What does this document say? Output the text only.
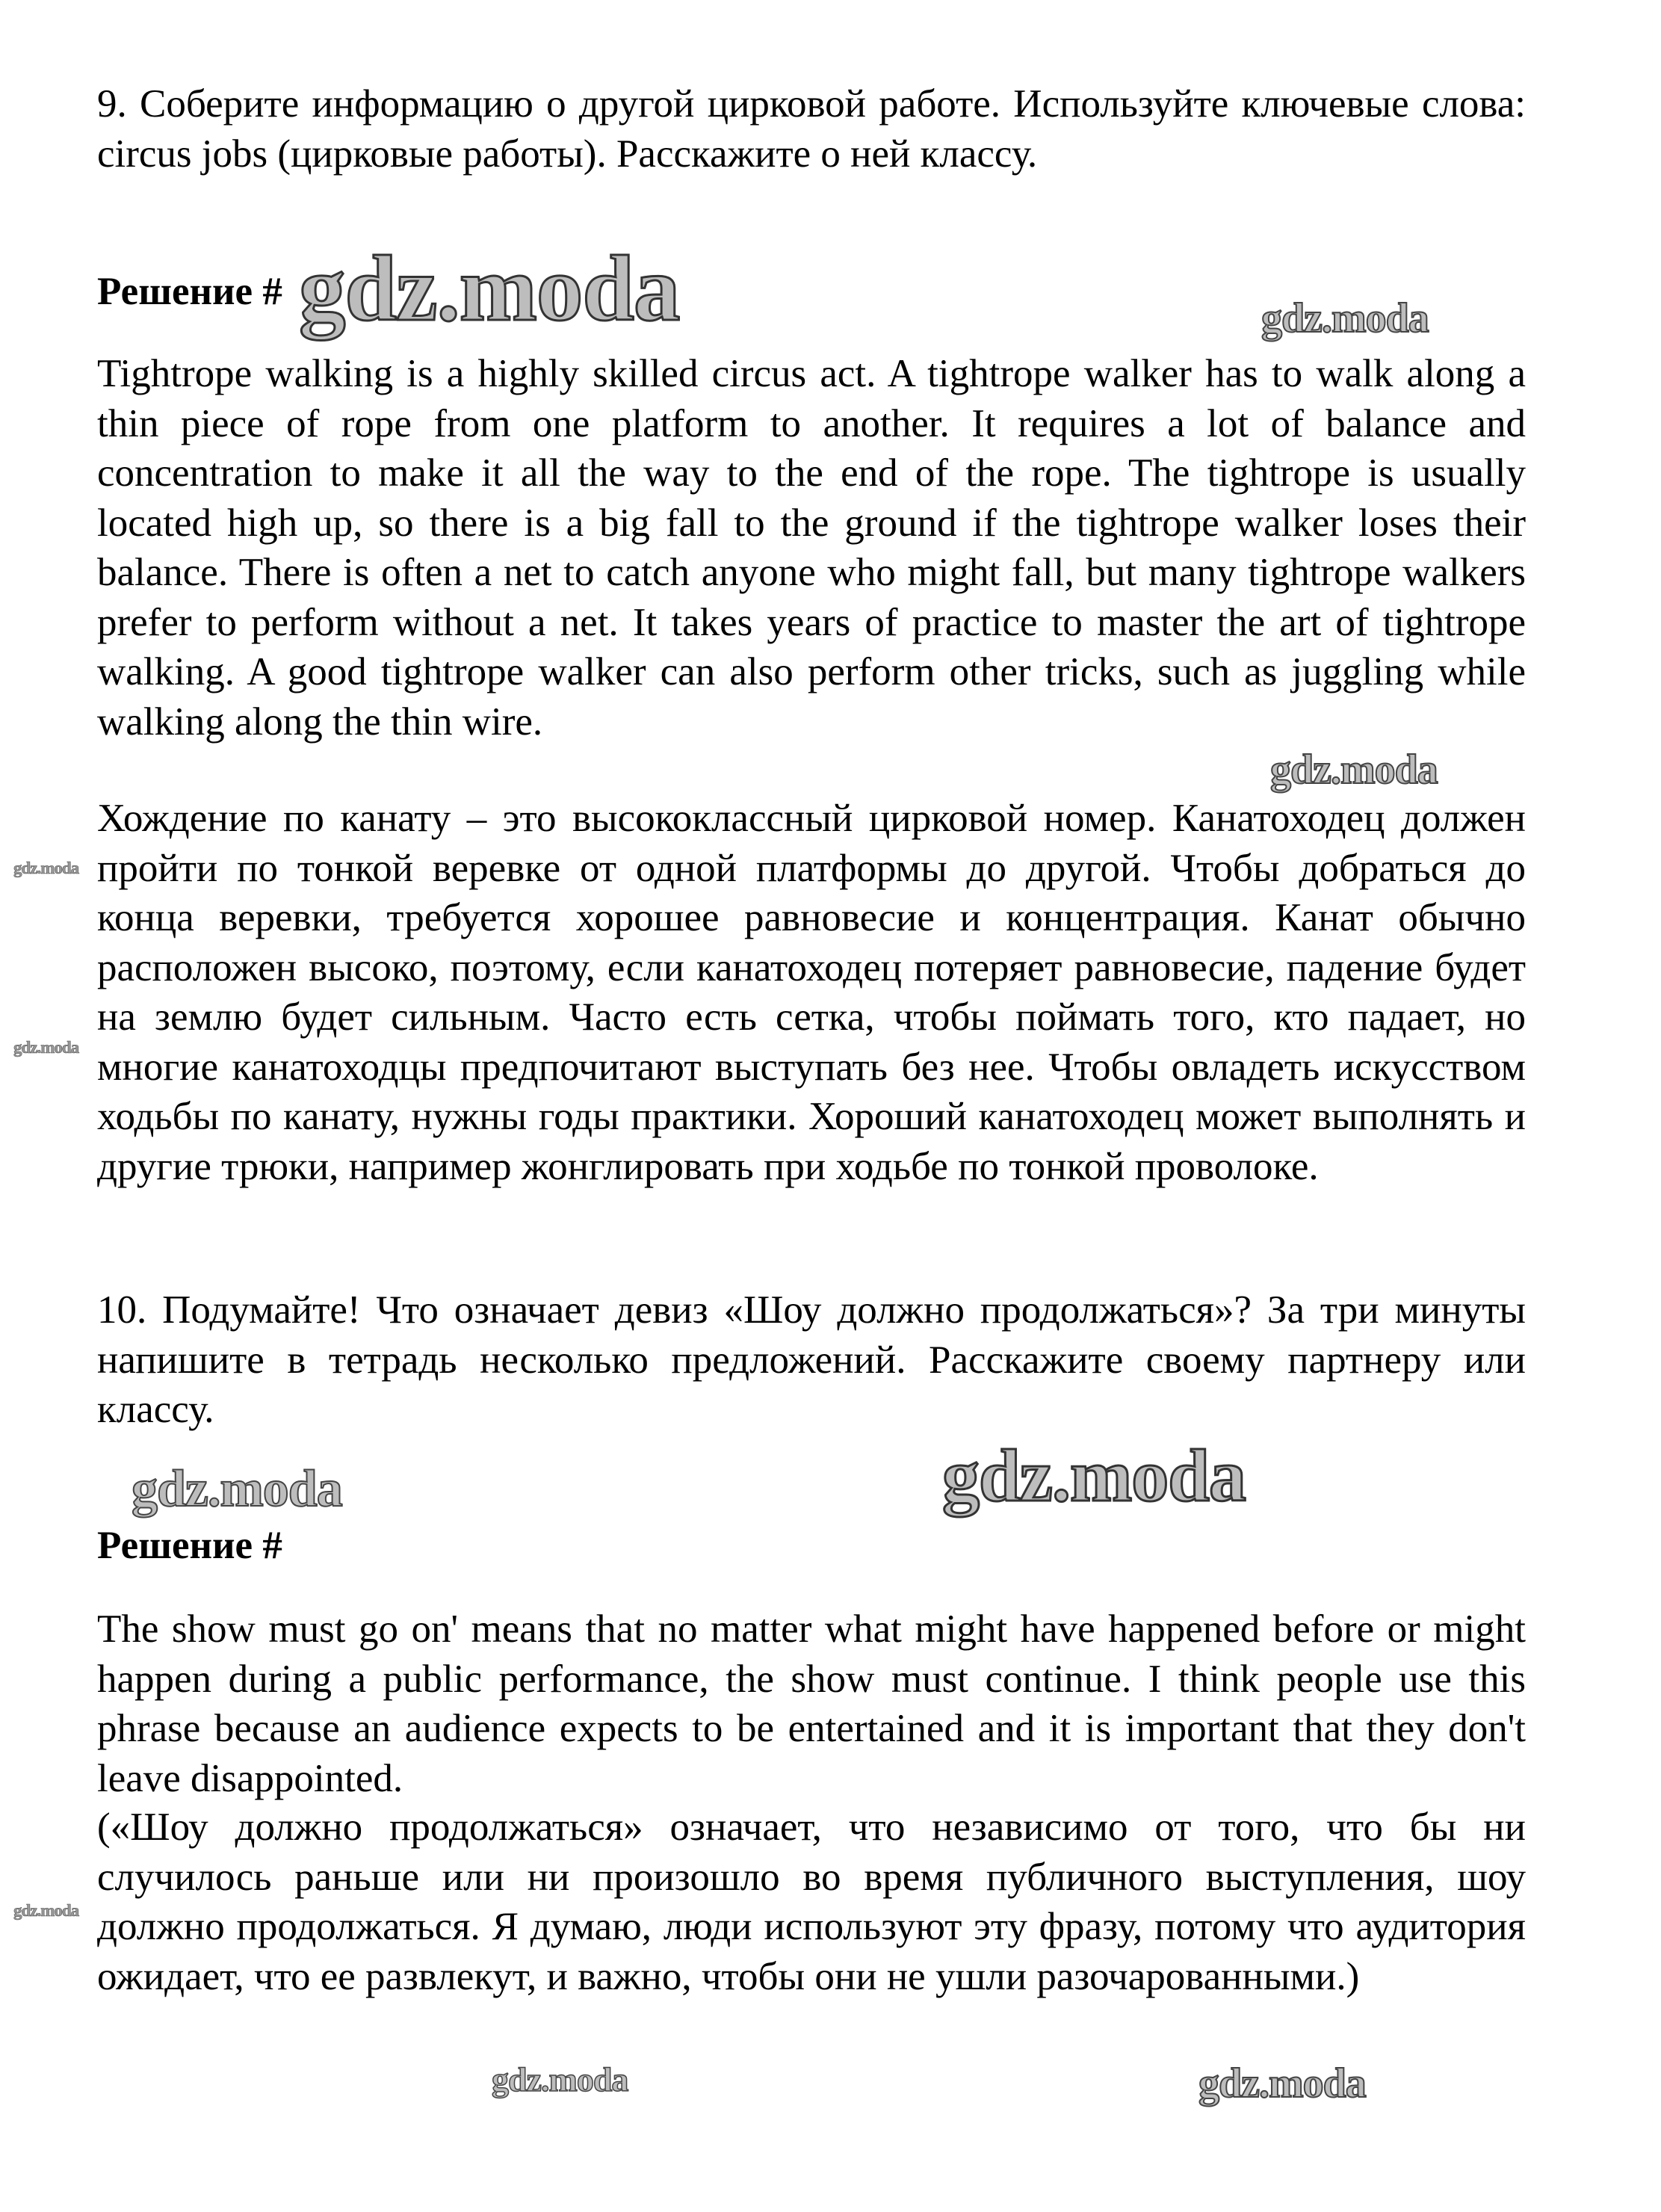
9. Соберите информацию о другой цирковой работе. Используйте ключевые слова: circus jobs (цирковые работы). Расскажите о ней классу.
Решение #
Tightrope walking is a highly skilled circus act. A tightrope walker has to walk along a thin piece of rope from one platform to another. It requires a lot of balance and concentration to make it all the way to the end of the rope. The tightrope is usually located high up, so there is a big fall to the ground if the tightrope walker loses their balance. There is often a net to catch anyone who might fall, but many tightrope walkers prefer to perform without a net. It takes years of practice to master the art of tightrope walking. A good tightrope walker can also perform other tricks, such as juggling while walking along the thin wire.
Хождение по канату – это высококлассный цирковой номер. Канатоходец должен пройти по тонкой веревке от одной платформы до другой. Чтобы добраться до конца веревки, требуется хорошее равновесие и концентрация. Канат обычно расположен высоко, поэтому, если канатоходец потеряет равновесие, падение будет на землю будет сильным. Часто есть сетка, чтобы поймать того, кто падает, но многие канатоходцы предпочитают выступать без нее. Чтобы овладеть искусством ходьбы по канату, нужны годы практики. Хороший канатоходец может выполнять и другие трюки, например жонглировать при ходьбе по тонкой проволоке.
10. Подумайте! Что означает девиз «Шоу должно продолжаться»? За три минуты напишите в тетрадь несколько предложений. Расскажите своему партнеру или классу.
Решение #
The show must go on' means that no matter what might have happened before or might happen during a public performance, the show must continue. I think people use this phrase because an audience expects to be entertained and it is important that they don't leave disappointed.
(«Шоу должно продолжаться» означает, что независимо от того, что бы ни случилось раньше или ни произошло во время публичного выступления, шоу должно продолжаться. Я думаю, люди используют эту фразу, потому что аудитория ожидает, что ее развлекут, и важно, чтобы они не ушли разочарованными.)
gdz.moda	gdz.moda
gdz.moda
gdz.moda
gdz.moda
gdz.moda
gdz.moda
gdz.moda
gdz.moda	gdz.moda
